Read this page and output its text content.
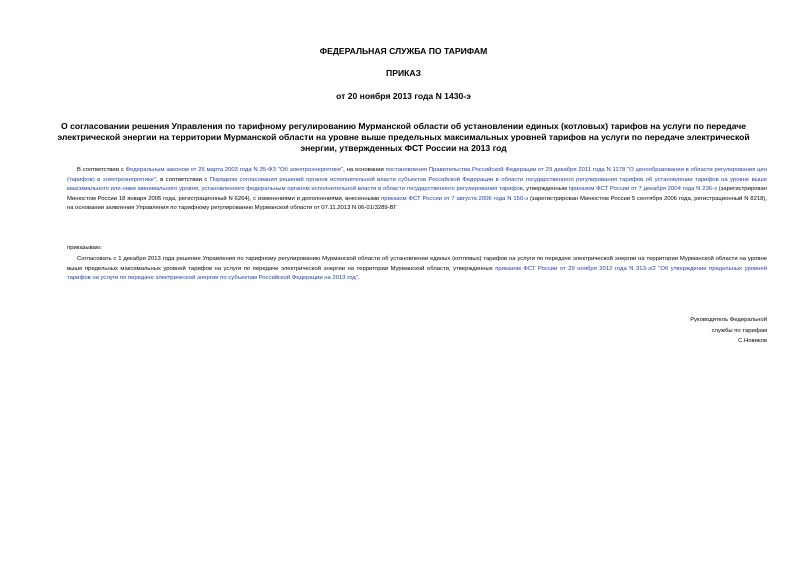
ФЕДЕРАЛЬНАЯ СЛУЖБА ПО ТАРИФАМ
ПРИКАЗ
от 20 ноября 2013 года N 1430-э
О согласовании решения Управления по тарифному регулированию Мурманской области об установлении единых (котловых) тарифов на услуги по передаче электрической энергии на территории Мурманской области на уровне выше предельных максимальных уровней тарифов на услуги по передаче электрической энергии, утвержденных ФСТ России на 2013 год
В соответствии с Федеральным законом от 26 марта 2003 года N 35-ФЗ "Об электроэнергетике", на основании постановления Правительства Российской Федерации от 29 декабря 2011 года N 1178 "О ценообразовании в области регулирования цен (тарифов) в электроэнергетике", в соответствии с Порядком согласования решений органов исполнительной власти субъектов Российской Федерации в области государственного регулирования тарифов об установлении тарифов на уровне выше максимального или ниже минимального уровня, установленного федеральным органом исполнительной власти в области государственного регулирования тарифов, утвержденным приказом ФСТ России от 7 декабря 2004 года N 236-э (зарегистрирован Минюстом России 18 января 2005 года, регистрационный N 6264), с изменениями и дополнениями, внесенными приказом ФСТ России от 7 августа 2006 года N 150-э (зарегистрирован Минюстом России 5 сентября 2006 года, регистрационный N 8218), на основании заявления Управления по тарифному регулированию Мурманской области от 07.11.2013 N 06-01/3289-ВГ
приказываю:
Согласовать с 1 декабря 2013 года решение Управления по тарифному регулированию Мурманской области об установлении единых (котловых) тарифов на услуги по передаче электрической энергии на территории Мурманской области на уровне выше предельных максимальных уровней тарифов на услуги по передаче электрической энергии на территории Мурманской области, утвержденных приказом ФСТ России от 29 ноября 2012 года N 313-э/2 "Об утверждении предельных уровней тарифов на услуги по передаче электрической энергии по субъектам Российской Федерации на 2013 год".
Руководитель Федеральной
службы по тарифам
С.Новиков
